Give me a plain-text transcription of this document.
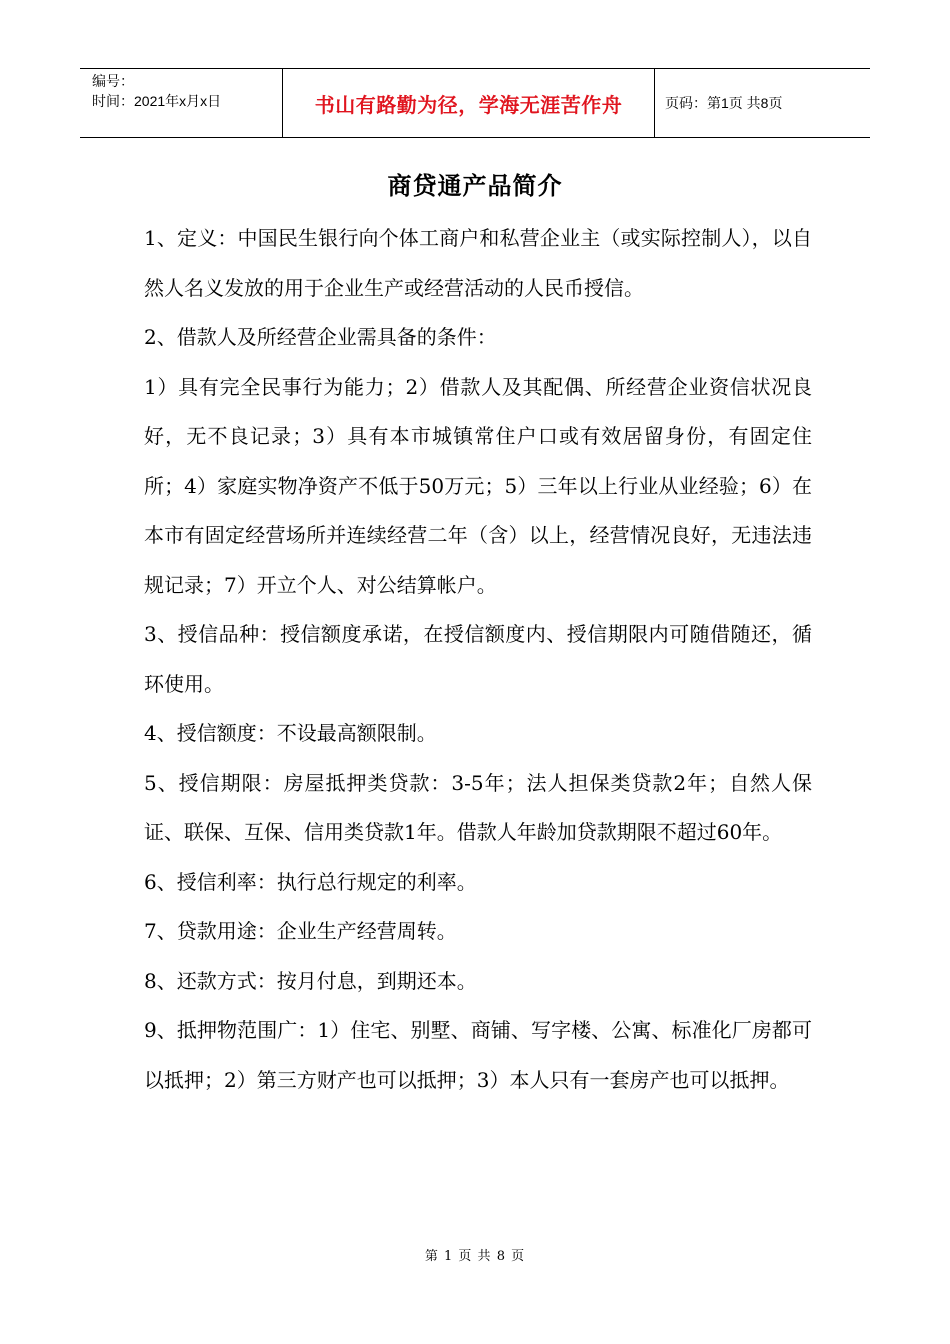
编号：
时间：2021年x月x日	书山有路勤为径，学海无涯苦作舟	页码：第1页 共8页
商贷通产品简介

1、定义：中国民生银行向个体工商户和私营企业主（或实际控制人），以自然人名义发放的用于企业生产或经营活动的人民币授信。

2、借款人及所经营企业需具备的条件：

1）具有完全民事行为能力；2）借款人及其配偶、所经营企业资信状况良好，无不良记录；3）具有本市城镇常住户口或有效居留身份，有固定住所；4）家庭实物净资产不低于50万元；5）三年以上行业从业经验；6）在本市有固定经营场所并连续经营二年（含）以上，经营情况良好，无违法违规记录；7）开立个人、对公结算帐户。

3、授信品种：授信额度承诺，在授信额度内、授信期限内可随借随还，循环使用。

4、授信额度：不设最高额限制。

5、授信期限：房屋抵押类贷款：3-5年；法人担保类贷款2年；自然人保证、联保、互保、信用类贷款1年。借款人年龄加贷款期限不超过60年。

6、授信利率：执行总行规定的利率。

7、贷款用途：企业生产经营周转。

8、还款方式：按月付息，到期还本。

9、抵押物范围广：1）住宅、别墅、商铺、写字楼、公寓、标准化厂房都可以抵押；2）第三方财产也可以抵押；3）本人只有一套房产也可以抵押。

第 1 页 共 8 页
